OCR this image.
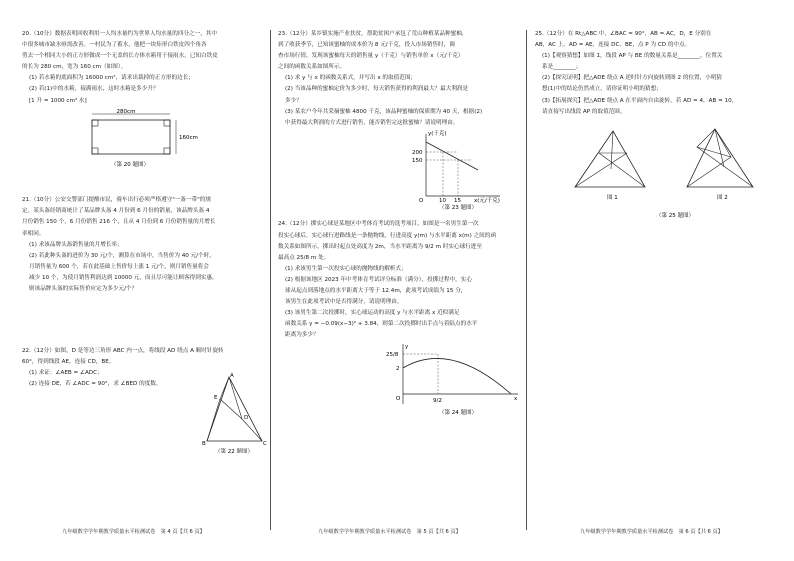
20.（10分）数据表明回收利用一人均水量约为世界人均水量的四分之一，其中

中很多城市缺水亟需改善。一村民为了蓄水，他把一块矩形白铁皮四个角各

剪去一个相同大小的正方形做成一个无盖的长方体水箱用于接雨水，已知白铁皮

的长为 280 cm，宽为 160 cm（如图）。

(1) 若水箱的底面积为 16000 cm²，请求出裁掉的正方形的边长；

(2) 若(1)中的水箱，接满雨水，这时水箱是多少升？

[1 升 = 1000 cm³ 水]

280cm
160cm
（第 20 题图）

21.（10分）公安交警部门提醒市民，骑车出行必须严格遵守"一盔一带"的规

定。某头盔经销商统计了某品牌头盔 4 月份到 6 月份的销量，该品牌头盔 4

月份销售 150 个，6 月份销售 216 个，且从 4 月份到 6 月份销售量的月增长

率相同。

(1) 求该品牌头盔销售量的月增长率；

(2) 若此种头盔的进价为 30 元/个，测算在市场中，当售价为 40 元/个时，

月销售量为 600 个，若在此基础上售价每上涨 1 元/个，则月销售量将会

减少 10 个，为使月销售利润达到 10000 元，而且尽可能让顾客得到实惠，

则该品牌头盔的实际售价应定为多少元/个？

22.（12分）如图，D 是等边三角形 ABC 内一点，将线段 AD 绕点 A 顺时针旋转

60°，得到线段 AE，连接 CD，BE。

(1) 求证：∠AEB = ∠ADC；

(2) 连接 DE，若 ∠ADC = 90°，求 ∠BED 的度数。

A
B	C
D
E
（第 22 题图）

23.（12分）某乡镇实施产业扶贫，帮助贫困户承包了荒山种植某品种蜜柚，

到了收获季节，已知该蜜柚的成本价为 8 元/千克，投入市场销售时，调

查市场行情，发现该蜜柚每天的销售量 y（千克）与销售单价 x（元/千克）

之间的函数关系如图所示。

(1) 求 y 与 x 的函数关系式，并写出 x 的取值范围；

(2) 当该品种的蜜柚定价为多少时，每天销售获得的利润最大？最大利润是

多少？

(3) 某农户今年共采摘蜜柚 4800 千克，该品种蜜柚的保质期为 40 天，根据(2)

中获得最大利润的方式进行销售，能否销售完这批蜜柚？请说明理由。

y(千克)
x(元/千克)
200
150
O	10 15
（第 23 题图）

24.（12分）掷实心球是某地区中考体育考试的选考项目，如图是一名男生第一次

投实心球后，实心球行进路线是一条抛物线，行进高度 y(m) 与水平距离 x(m) 之间的函

数关系如图所示，掷出时起点处高度为 2m，当水平距离为 9/2 m 时实心球行进至

最高点 25/8 m 处。

(1) 求该男生第一次投实心球的抛物线的解析式；

(2) 根据该地区 2023 年中考体育考试评分标准（满分），投掷过程中，实心

球从起点到落地点的水平距离大于等于 12.4m，此项考试成绩为 15 分，

该男生在此项考试中是否得满分，请说明理由。

(3) 该男生第二次投掷时，实心球运动的高度 y 与水平距离 x 近似满足

函数关系 y = −0.09(x−3)² + 3.84，则第二次投掷时出手点与着陆点的水平

距离为多少？

y
25/8
2
O	9/2	x
（第 24 题图）

25.（12分）在 Rt△ABC 中，∠BAC = 90°，AB = AC，D，E 分别在

AB，AC 上，AD = AE，连接 DC，BE，点 P 为 CD 的中点。

(1)【观察猜想】如图 1，线段 AP 与 BE 的数量关系是________，位置关

系是________；

(2)【探究证明】把△ADE 绕点 A 逆时针方向旋转到图 2 的位置，小明猜

想(1)中的结论仍然成立，请你证明小明的猜想；

(3)【拓展探究】把△ADE 绕点 A 在平面内自由旋转，若 AD = 4，AB = 10，

请直接写出线段 AP 的取值范围。

图 1	图 2
（第 25 题图）
九年级数学学年期教学质量水平检测试卷　第 4 页【共 6 页】	九年级数学学年期教学质量水平检测试卷　第 5 页【共 6 页】	九年级数学学年期教学质量水平检测试卷　第 6 页【共 6 页】
